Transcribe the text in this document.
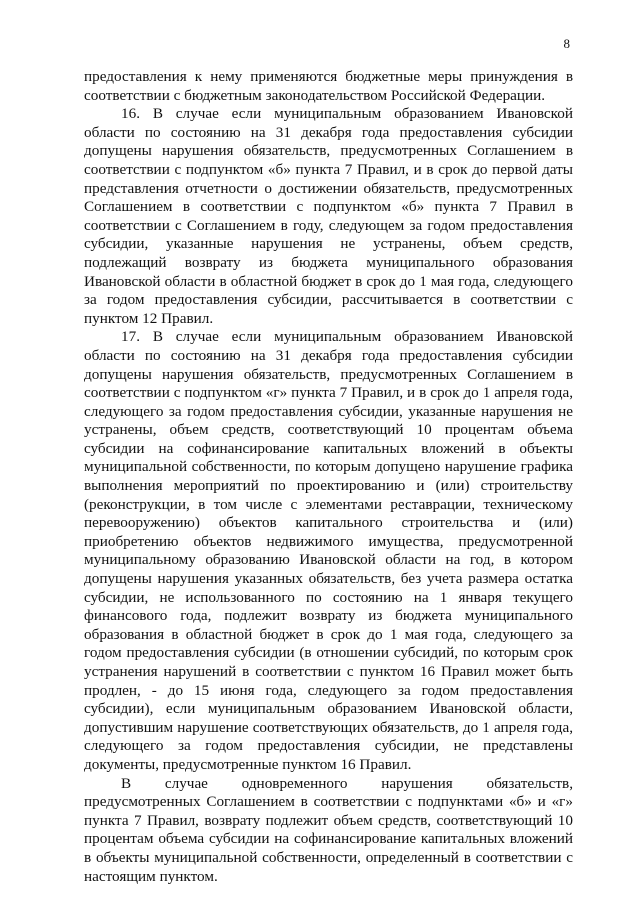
8

предоставления к нему применяются бюджетные меры принуждения в соответствии с бюджетным законодательством Российской Федерации.

16. В случае если муниципальным образованием Ивановской области по состоянию на 31 декабря года предоставления субсидии допущены нарушения обязательств, предусмотренных Соглашением в соответствии с подпунктом «б» пункта 7 Правил, и в срок до первой даты представления отчетности о достижении обязательств, предусмотренных Соглашением в соответствии с подпунктом «б» пункта 7 Правил в соответствии с Соглашением в году, следующем за годом предоставления субсидии, указанные нарушения не устранены, объем средств, подлежащий возврату из бюджета муниципального образования Ивановской области в областной бюджет в срок до 1 мая года, следующего за годом предоставления субсидии, рассчитывается в соответствии с пунктом 12 Правил.

17. В случае если муниципальным образованием Ивановской области по состоянию на 31 декабря года предоставления субсидии допущены нарушения обязательств, предусмотренных Соглашением в соответствии с подпунктом «г» пункта 7 Правил, и в срок до 1 апреля года, следующего за годом предоставления субсидии, указанные нарушения не устранены, объем средств, соответствующий 10 процентам объема субсидии на софинансирование капитальных вложений в объекты муниципальной собственности, по которым допущено нарушение графика выполнения мероприятий по проектированию и (или) строительству (реконструкции, в том числе с элементами реставрации, техническому перевооружению) объектов капитального строительства и (или) приобретению объектов недвижимого имущества, предусмотренной муниципальному образованию Ивановской области на год, в котором допущены нарушения указанных обязательств, без учета размера остатка субсидии, не использованного по состоянию на 1 января текущего финансового года, подлежит возврату из бюджета муниципального образования в областной бюджет в срок до 1 мая года, следующего за годом предоставления субсидии (в отношении субсидий, по которым срок устранения нарушений в соответствии с пунктом 16 Правил может быть продлен, - до 15 июня года, следующего за годом предоставления субсидии), если муниципальным образованием Ивановской области, допустившим нарушение соответствующих обязательств, до 1 апреля года, следующего за годом предоставления субсидии, не представлены документы, предусмотренные пунктом 16 Правил.

В случае одновременного нарушения обязательств, предусмотренных Соглашением в соответствии с подпунктами «б» и «г» пункта 7 Правил, возврату подлежит объем средств, соответствующий 10 процентам объема субсидии на софинансирование капитальных вложений в объекты муниципальной собственности, определенный в соответствии с настоящим пунктом.
